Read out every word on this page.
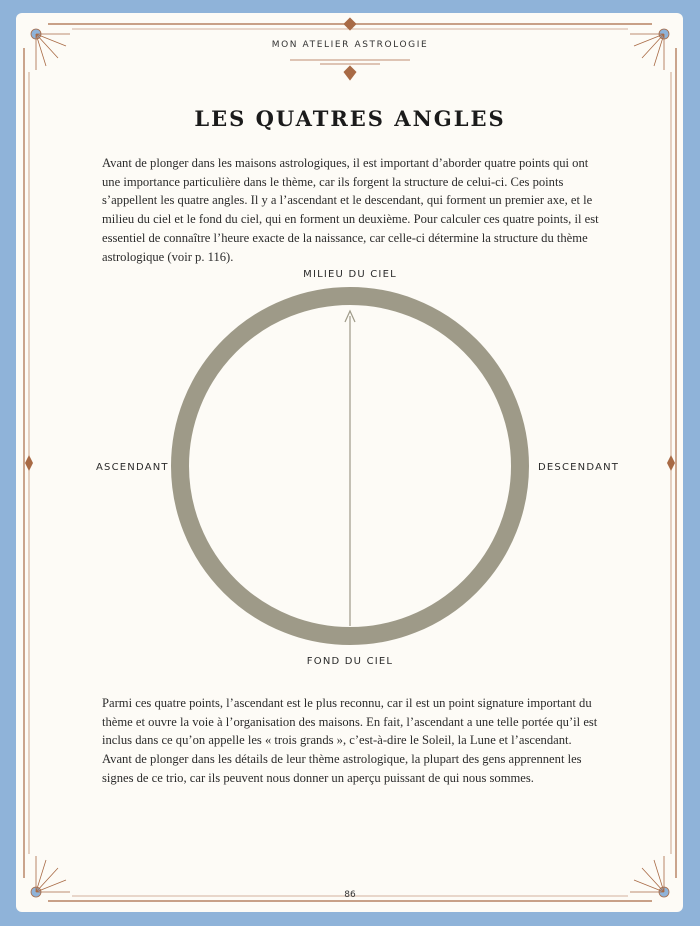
MON ATELIER ASTROLOGIE
LES QUATRES ANGLES

Avant de plonger dans les maisons astrologiques, il est important d’aborder quatre points qui ont une importance particulière dans le thème, car ils forgent la structure de celui-ci. Ces points s’appellent les quatre angles. Il y a l’ascendant et le descendant, qui forment un premier axe, et le milieu du ciel et le fond du ciel, qui en forment un deuxième. Pour calculer ces quatre points, il est essentiel de connaître l’heure exacte de la naissance, car celle-ci détermine la structure du thème astrologique (voir p. 116).

MILIEU DU CIEL
FOND DU CIEL
ASCENDANT	DESCENDANT

Parmi ces quatre points, l’ascendant est le plus reconnu, car il est un point signature important du thème et ouvre la voie à l’organisation des maisons. En fait, l’ascendant a une telle portée qu’il est inclus dans ce qu’on appelle les « trois grands », c’est-à-dire le Soleil, la Lune et l’ascendant. Avant de plonger dans les détails de leur thème astrologique, la plupart des gens apprennent les signes de ce trio, car ils peuvent nous donner un aperçu puissant de qui nous sommes.

86
